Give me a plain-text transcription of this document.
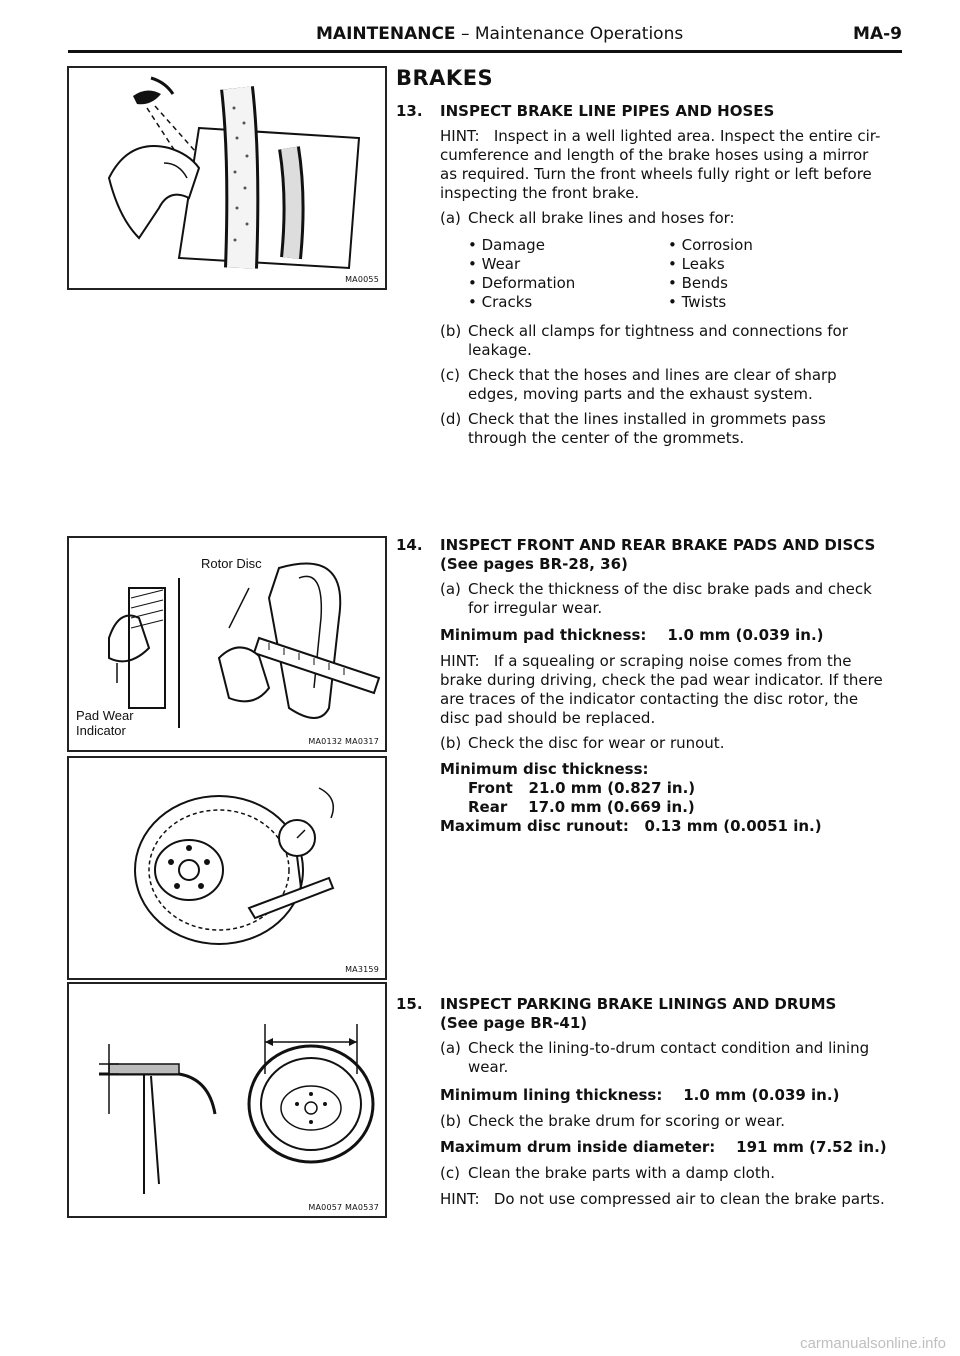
MAINTENANCE – Maintenance Operations	MA-9
MA0055
Rotor Disc
Pad Wear
Indicator
MA0132 MA0317
MA3159
MA0057 MA0537
BRAKES
13. INSPECT BRAKE LINE PIPES AND HOSES
HINT: Inspect in a well lighted area. Inspect the entire cir-
cumference and length of the brake hoses using a mirror
as required. Turn the front wheels fully right or left before
inspecting the front brake.
(a) Check all brake lines and hoses for:
• Damage
• Wear
• Deformation
• Cracks
• Corrosion
• Leaks
• Bends
• Twists
(b) Check all clamps for tightness and connections for
leakage.
(c) Check that the hoses and lines are clear of sharp
edges, moving parts and the exhaust system.
(d) Check that the lines installed in grommets pass
through the center of the grommets.
14. INSPECT FRONT AND REAR BRAKE PADS AND DISCS
(See pages BR-28, 36)
(a) Check the thickness of the disc brake pads and check
for irregular wear.
Minimum pad thickness:    1.0 mm (0.039 in.)
HINT: If a squealing or scraping noise comes from the
brake during driving, check the pad wear indicator. If there
are traces of the indicator contacting the disc rotor, the
disc pad should be replaced.
(b) Check the disc for wear or runout.
Minimum disc thickness:
Front   21.0 mm (0.827 in.)
Rear    17.0 mm (0.669 in.)
Maximum disc runout:   0.13 mm (0.0051 in.)
15. INSPECT PARKING BRAKE LININGS AND DRUMS
(See page BR-41)
(a) Check the lining-to-drum contact condition and lining
wear.
Minimum lining thickness:    1.0 mm (0.039 in.)
(b) Check the brake drum for scoring or wear.
Maximum drum inside diameter:    191 mm (7.52 in.)
(c) Clean the brake parts with a damp cloth.
HINT: Do not use compressed air to clean the brake parts.
carmanualsonline.info
